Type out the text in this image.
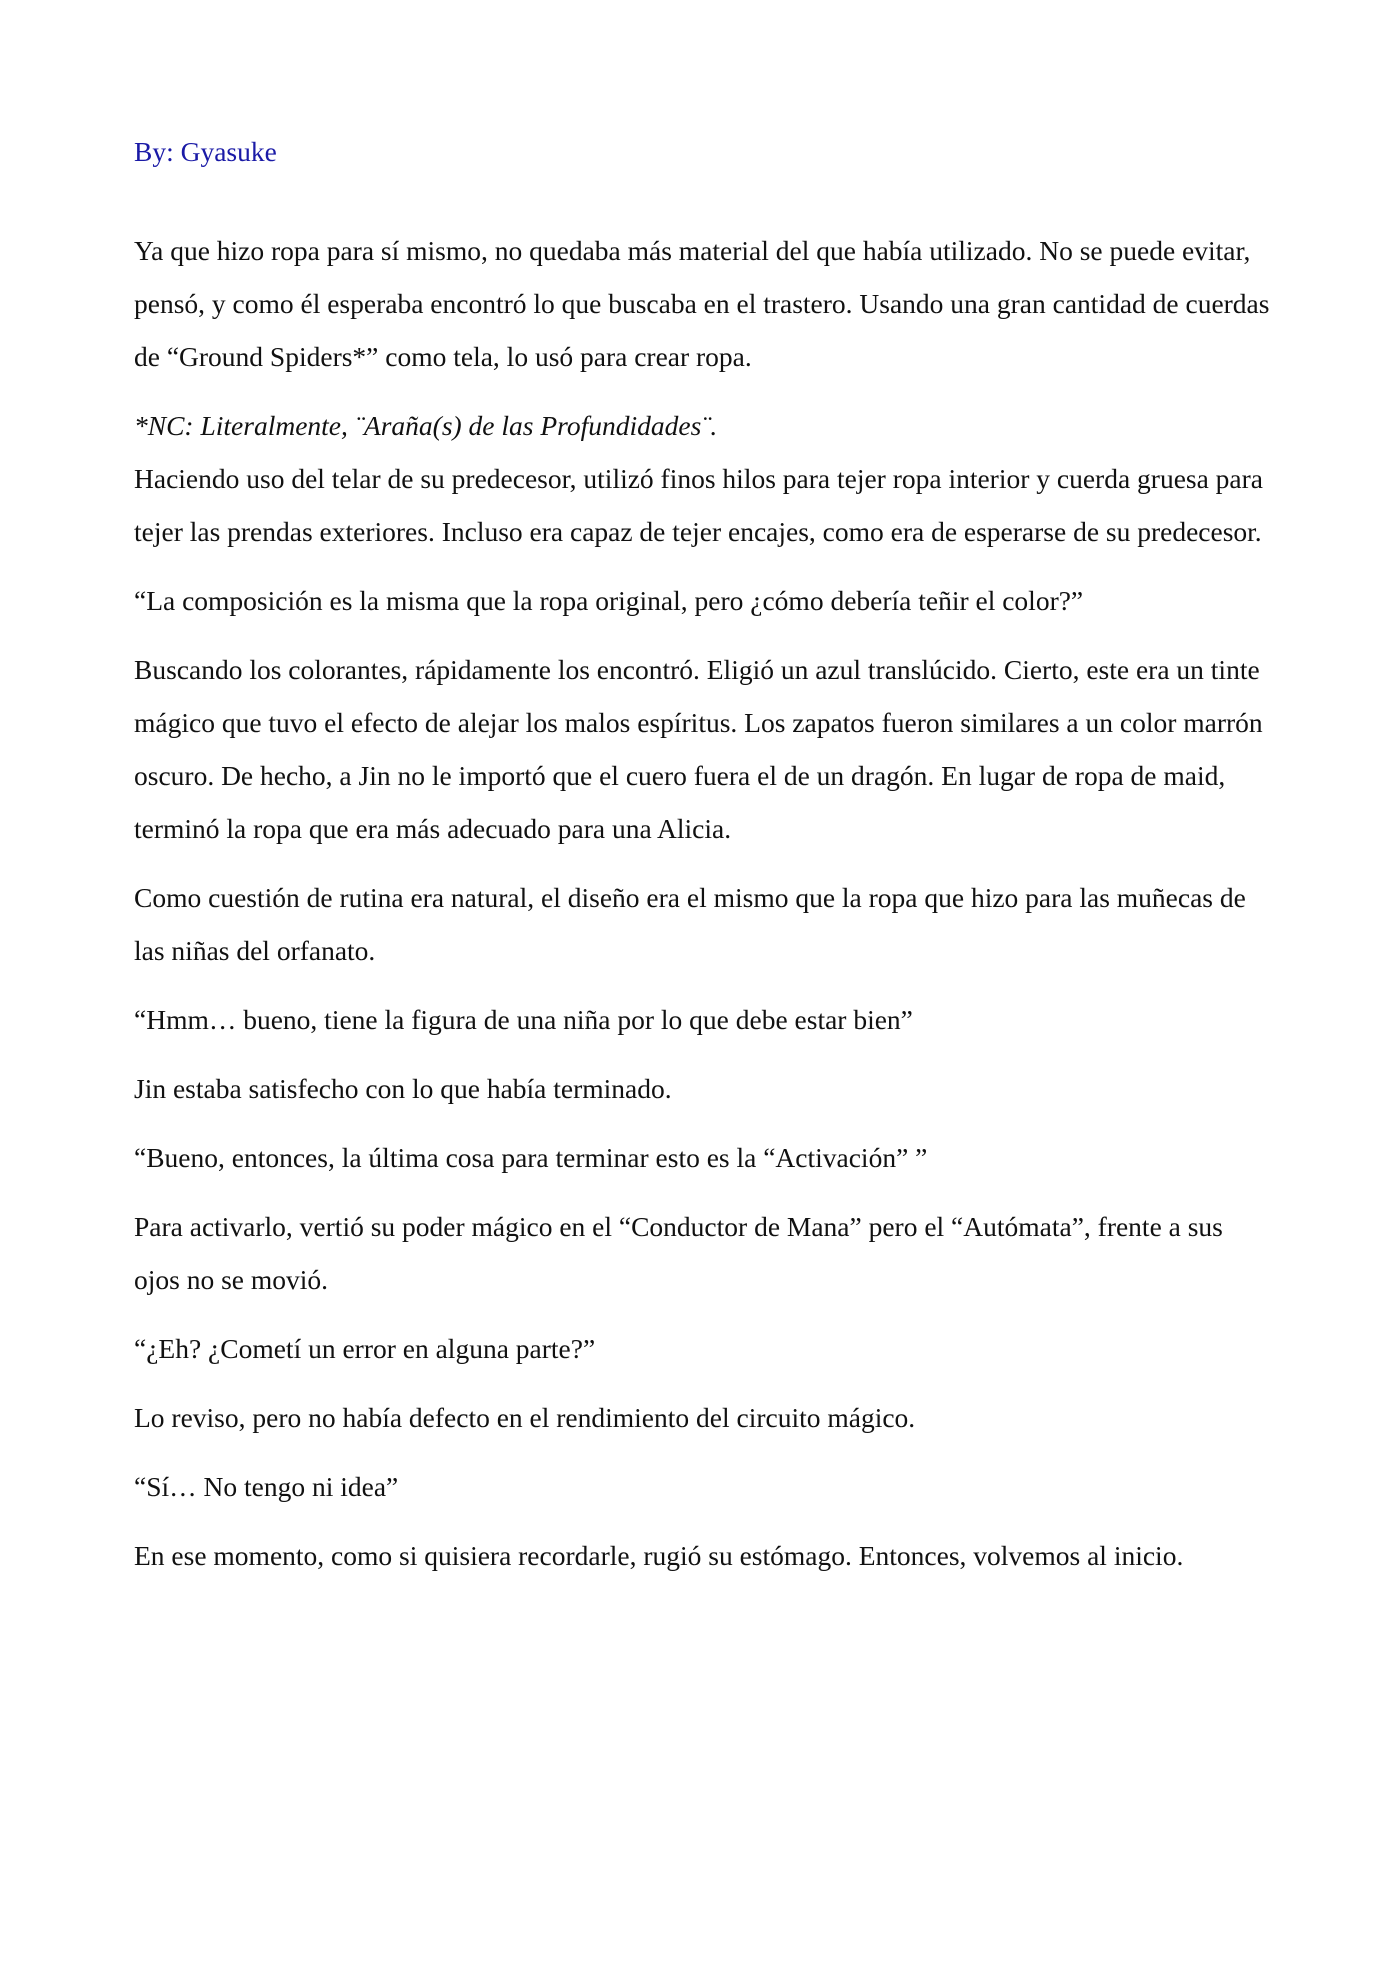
By: Gyasuke

Ya que hizo ropa para sí mismo, no quedaba más material del que había utilizado. No se puede evitar, pensó, y como él esperaba encontró lo que buscaba en el trastero. Usando una gran cantidad de cuerdas de “Ground Spiders*” como tela, lo usó para crear ropa.

*NC: Literalmente, ¨Araña(s) de las Profundidades¨.

Haciendo uso del telar de su predecesor, utilizó finos hilos para tejer ropa interior y cuerda gruesa para tejer las prendas exteriores. Incluso era capaz de tejer encajes, como era de esperarse de su predecesor.

“La composición es la misma que la ropa original, pero ¿cómo debería teñir el color?”

Buscando los colorantes, rápidamente los encontró. Eligió un azul translúcido. Cierto, este era un tinte mágico que tuvo el efecto de alejar los malos espíritus. Los zapatos fueron similares a un color marrón oscuro. De hecho, a Jin no le importó que el cuero fuera el de un dragón. En lugar de ropa de maid, terminó la ropa que era más adecuado para una Alicia.

Como cuestión de rutina era natural, el diseño era el mismo que la ropa que hizo para las muñecas de las niñas del orfanato.

“Hmm… bueno, tiene la figura de una niña por lo que debe estar bien”

Jin estaba satisfecho con lo que había terminado.

“Bueno, entonces, la última cosa para terminar esto es la “Activación” ”

Para activarlo, vertió su poder mágico en el “Conductor de Mana” pero el “Autómata”, frente a sus ojos no se movió.

“¿Eh? ¿Cometí un error en alguna parte?”

Lo reviso, pero no había defecto en el rendimiento del circuito mágico.

“Sí… No tengo ni idea”

En ese momento, como si quisiera recordarle, rugió su estómago. Entonces, volvemos al inicio.
